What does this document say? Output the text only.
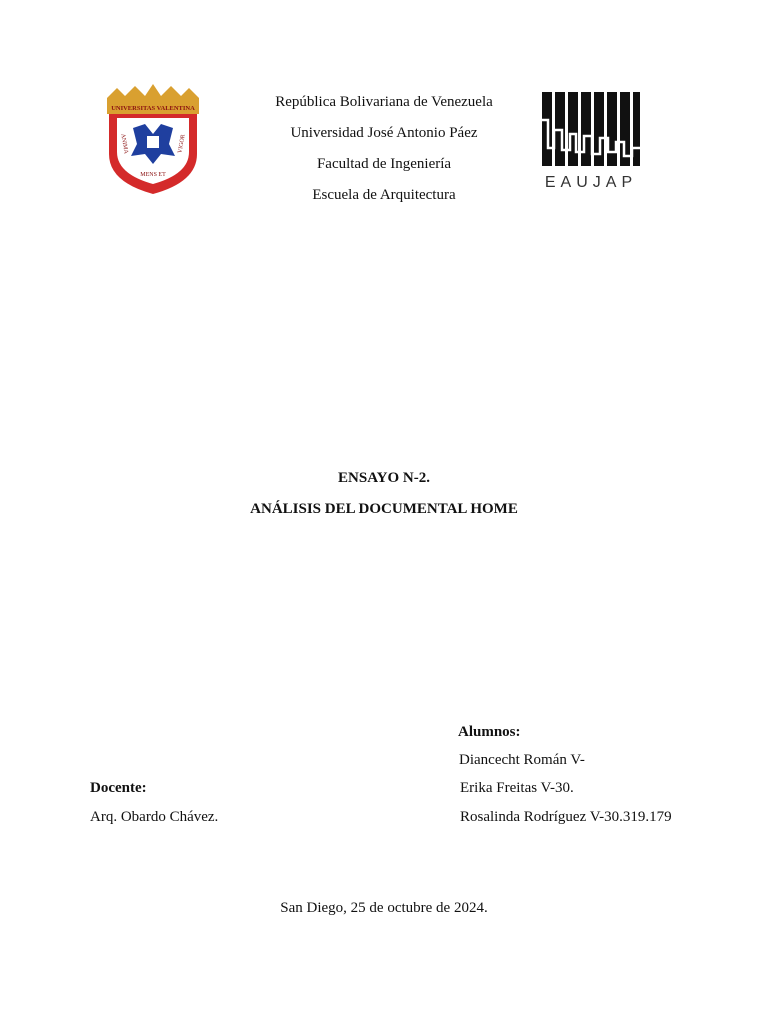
UNIVERSITAS VALENTINA
ANIMA	VIGOR
MENS ET
República Bolivariana de Venezuela
Universidad José Antonio Páez
Facultad de Ingeniería
Escuela de Arquitectura
EAUJAP
ENSAYO N-2.
ANÁLISIS DEL DOCUMENTAL HOME
Alumnos:
Diancecht Román V-
Erika Freitas V-30.
Rosalinda Rodríguez V-30.319.179
Docente:
Arq. Obardo Chávez.
San Diego, 25 de octubre de 2024.
